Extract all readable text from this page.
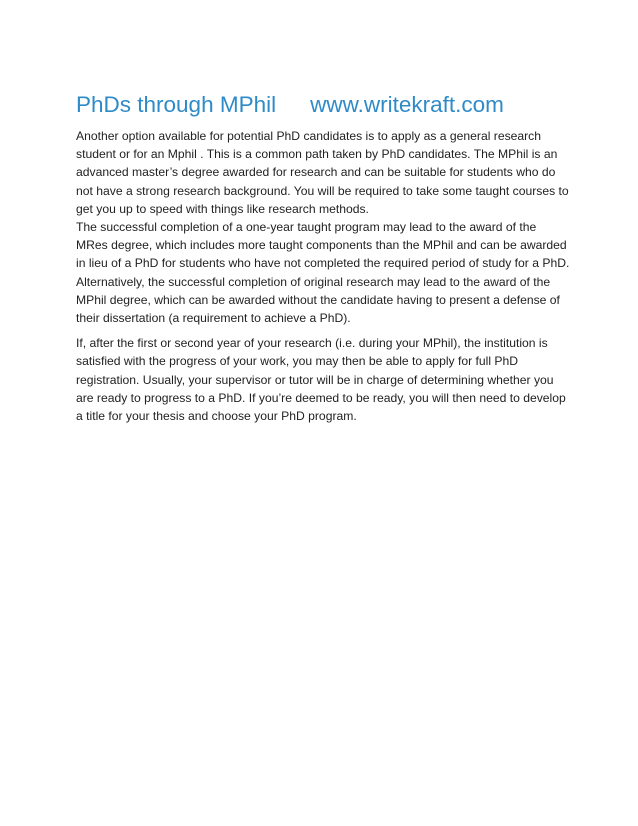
PhDs through MPhil www.writekraft.com

Another option available for potential PhD candidates is to apply as a general research student or for an Mphil . This is a common path taken by PhD candidates. The MPhil is an advanced master’s degree awarded for research and can be suitable for students who do not have a strong research background. You will be required to take some taught courses to get you up to speed with things like research methods.

The successful completion of a one-year taught program may lead to the award of the MRes degree, which includes more taught components than the MPhil and can be awarded in lieu of a PhD for students who have not completed the required period of study for a PhD. Alternatively, the successful completion of original research may lead to the award of the MPhil degree, which can be awarded without the candidate having to present a defense of their dissertation (a requirement to achieve a PhD).

If, after the first or second year of your research (i.e. during your MPhil), the institution is satisfied with the progress of your work, you may then be able to apply for full PhD registration. Usually, your supervisor or tutor will be in charge of determining whether you are ready to progress to a PhD. If you’re deemed to be ready, you will then need to develop a title for your thesis and choose your PhD program.
